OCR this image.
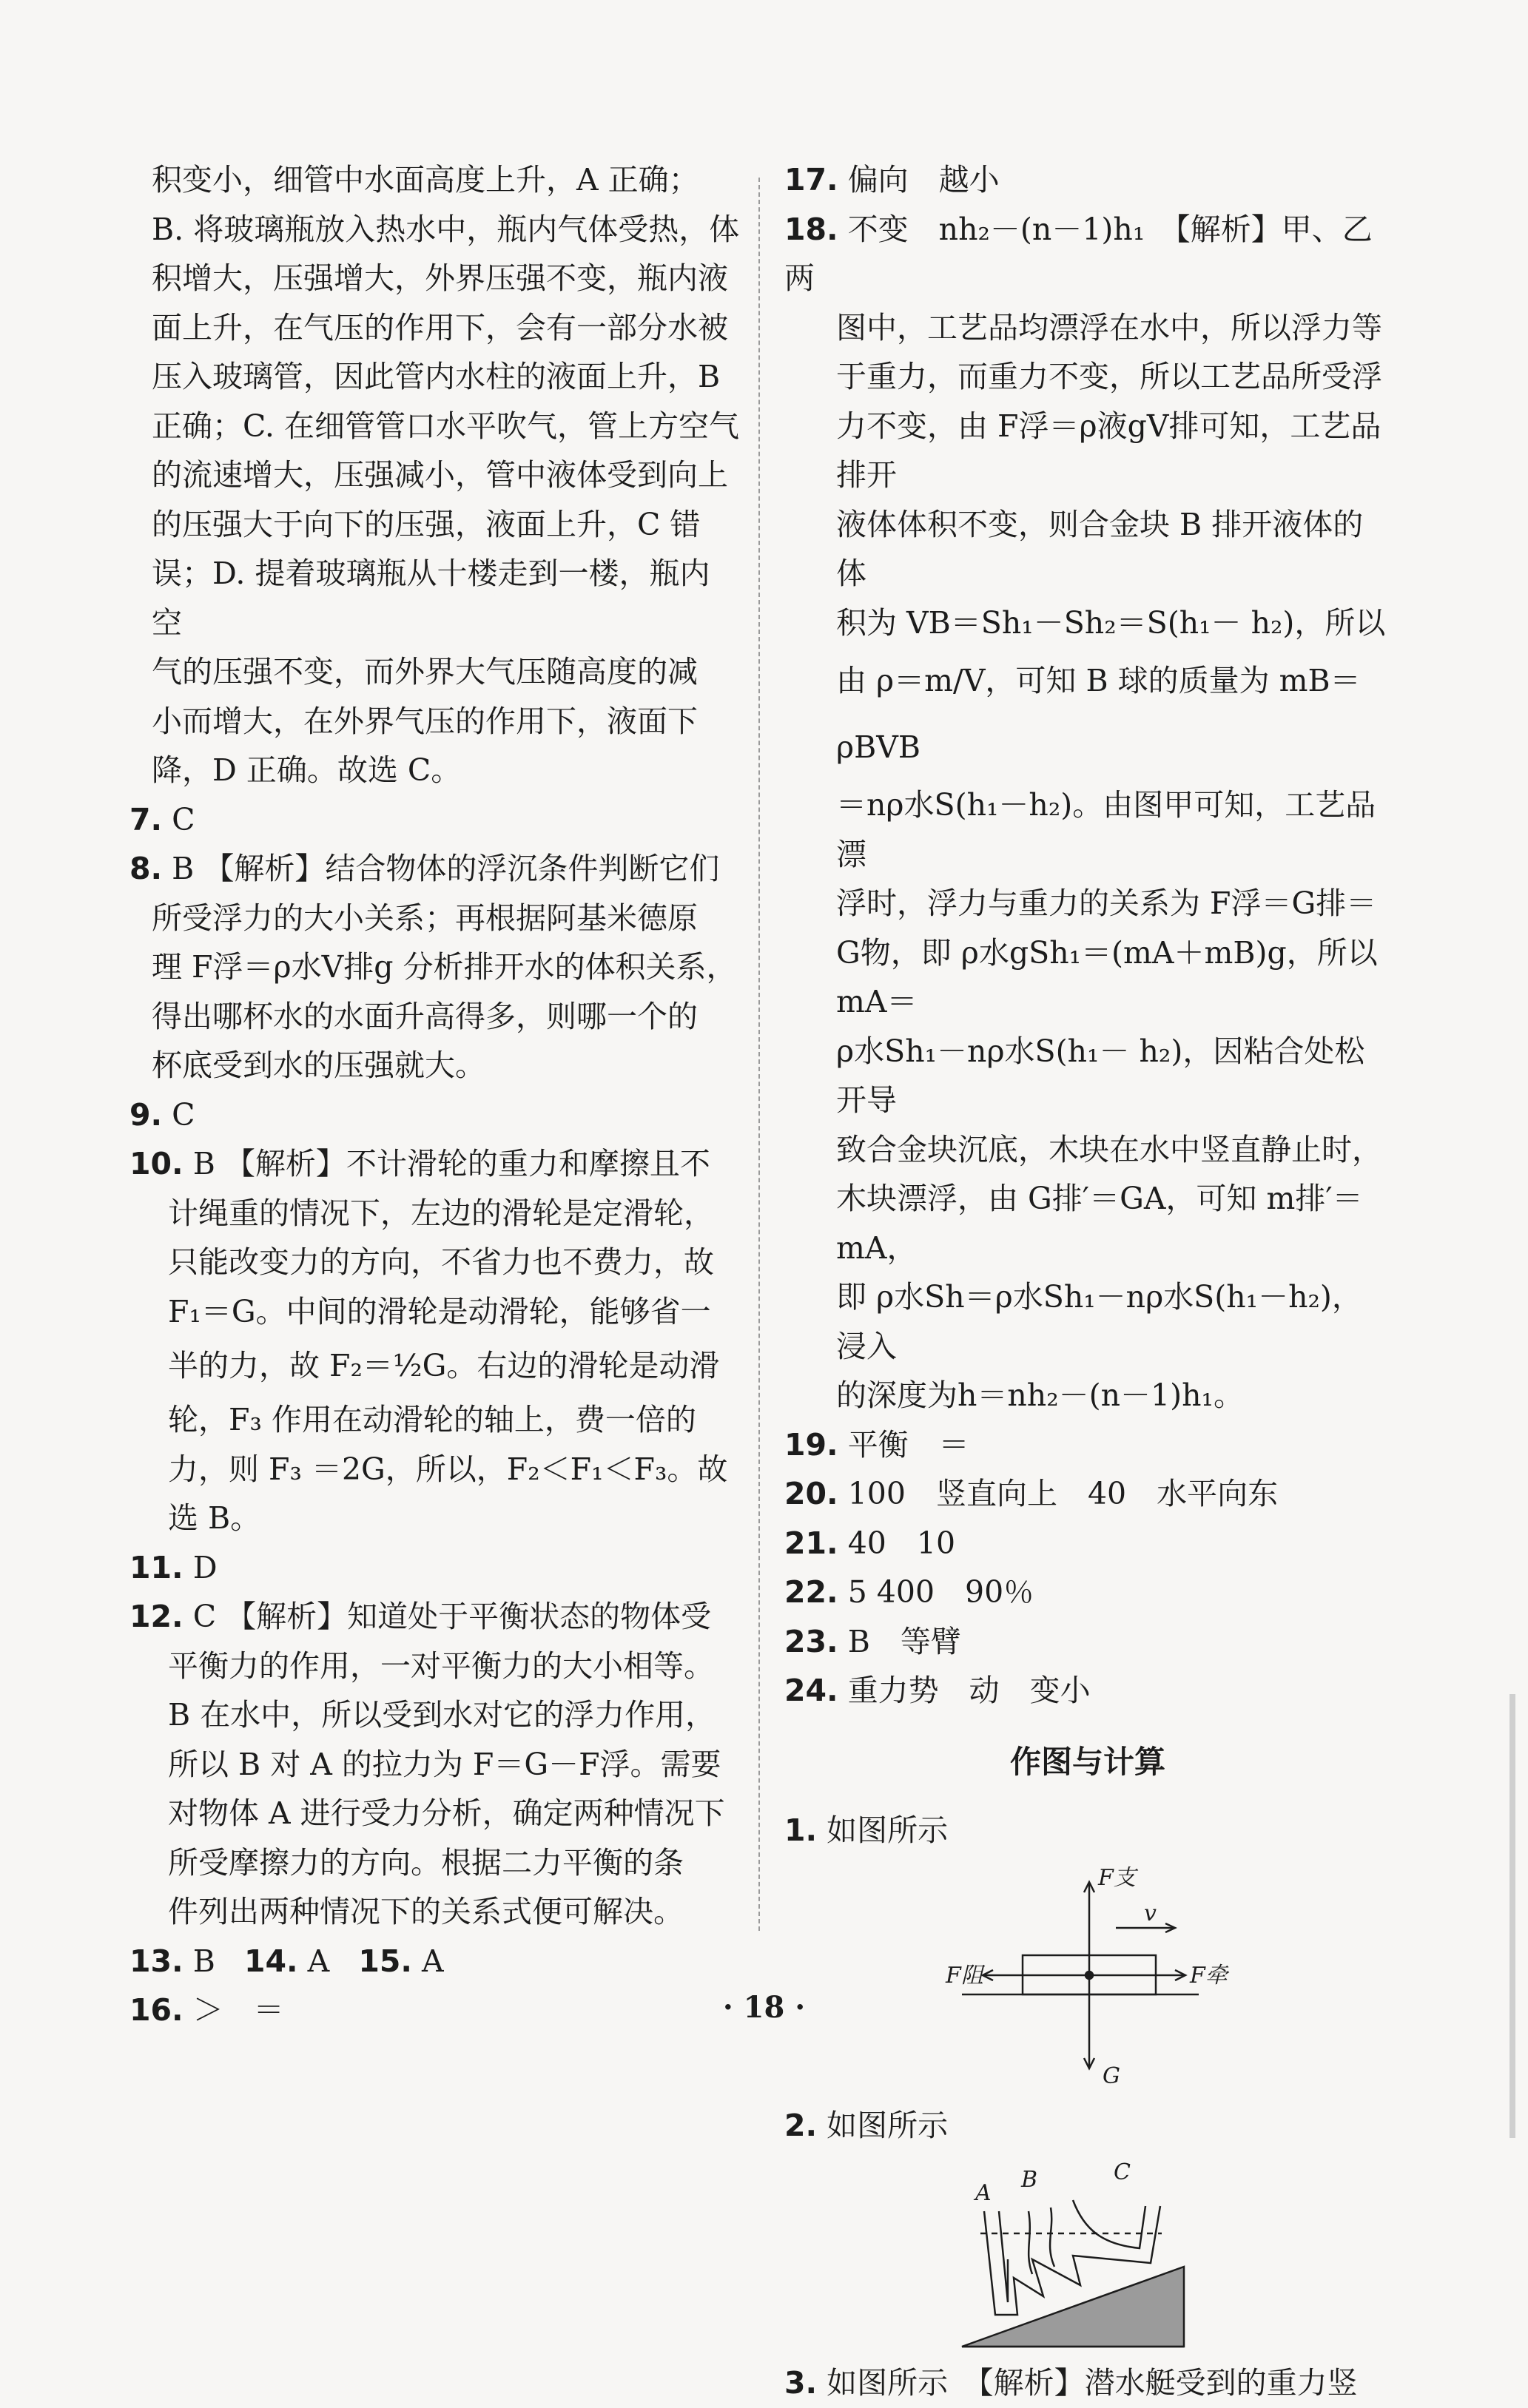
积变小，细管中水面高度上升，A 正确；

B. 将玻璃瓶放入热水中，瓶内气体受热，体

积增大，压强增大，外界压强不变，瓶内液

面上升，在气压的作用下，会有一部分水被

压入玻璃管，因此管内水柱的液面上升，B

正确；C. 在细管管口水平吹气，管上方空气

的流速增大，压强减小，管中液体受到向上

的压强大于向下的压强，液面上升，C 错

误；D. 提着玻璃瓶从十楼走到一楼，瓶内空

气的压强不变，而外界大气压随高度的减

小而增大，在外界气压的作用下，液面下

降，D 正确。故选 C。

7. C

8. B 【解析】结合物体的浮沉条件判断它们

所受浮力的大小关系；再根据阿基米德原

理 F浮＝ρ水V排g 分析排开水的体积关系，

得出哪杯水的水面升高得多，则哪一个的

杯底受到水的压强就大。

9. C

10. B 【解析】不计滑轮的重力和摩擦且不

计绳重的情况下，左边的滑轮是定滑轮，

只能改变力的方向，不省力也不费力，故

F₁＝G。中间的滑轮是动滑轮，能够省一

半的力，故 F₂＝½G。右边的滑轮是动滑

轮，F₃ 作用在动滑轮的轴上，费一倍的

力，则 F₃ ＝2G，所以，F₂＜F₁＜F₃。故

选 B。

11. D

12. C 【解析】知道处于平衡状态的物体受

平衡力的作用，一对平衡力的大小相等。

B 在水中，所以受到水对它的浮力作用，

所以 B 对 A 的拉力为 F＝G－F浮。需要

对物体 A 进行受力分析，确定两种情况下

所受摩擦力的方向。根据二力平衡的条

件列出两种情况下的关系式便可解决。

13. B 14. A 15. A

16. ＞　＝

17. 偏向　越小

18. 不变　nh₂－(n－1)h₁　【解析】甲、乙两

图中，工艺品均漂浮在水中，所以浮力等

于重力，而重力不变，所以工艺品所受浮

力不变，由 F浮＝ρ液gV排可知，工艺品排开

液体体积不变，则合金块 B 排开液体的体

积为 VB＝Sh₁－Sh₂＝S(h₁－ h₂)，所以

由 ρ＝m/V，可知 B 球的质量为 mB＝ρBVB

＝nρ水S(h₁－h₂)。由图甲可知，工艺品漂

浮时，浮力与重力的关系为 F浮＝G排＝

G物，即 ρ水gSh₁＝(mA＋mB)g，所以 mA＝

ρ水Sh₁－nρ水S(h₁－ h₂)，因粘合处松开导

致合金块沉底，木块在水中竖直静止时，

木块漂浮，由 G排′＝GA，可知 m排′＝mA，

即 ρ水Sh＝ρ水Sh₁－nρ水S(h₁－h₂)，浸入

的深度为h＝nh₂－(n－1)h₁。

19. 平衡　＝

20. 100　竖直向上　40　水平向东

21. 40　10

22. 5 400　90％

23. B　等臂

24. 重力势　动　变小

作图与计算

1. 如图所示

F支
v
F阻	F牵
G

2. 如图所示

A
B	C

3. 如图所示　【解析】潜水艇受到的重力竖

· 18 ·
